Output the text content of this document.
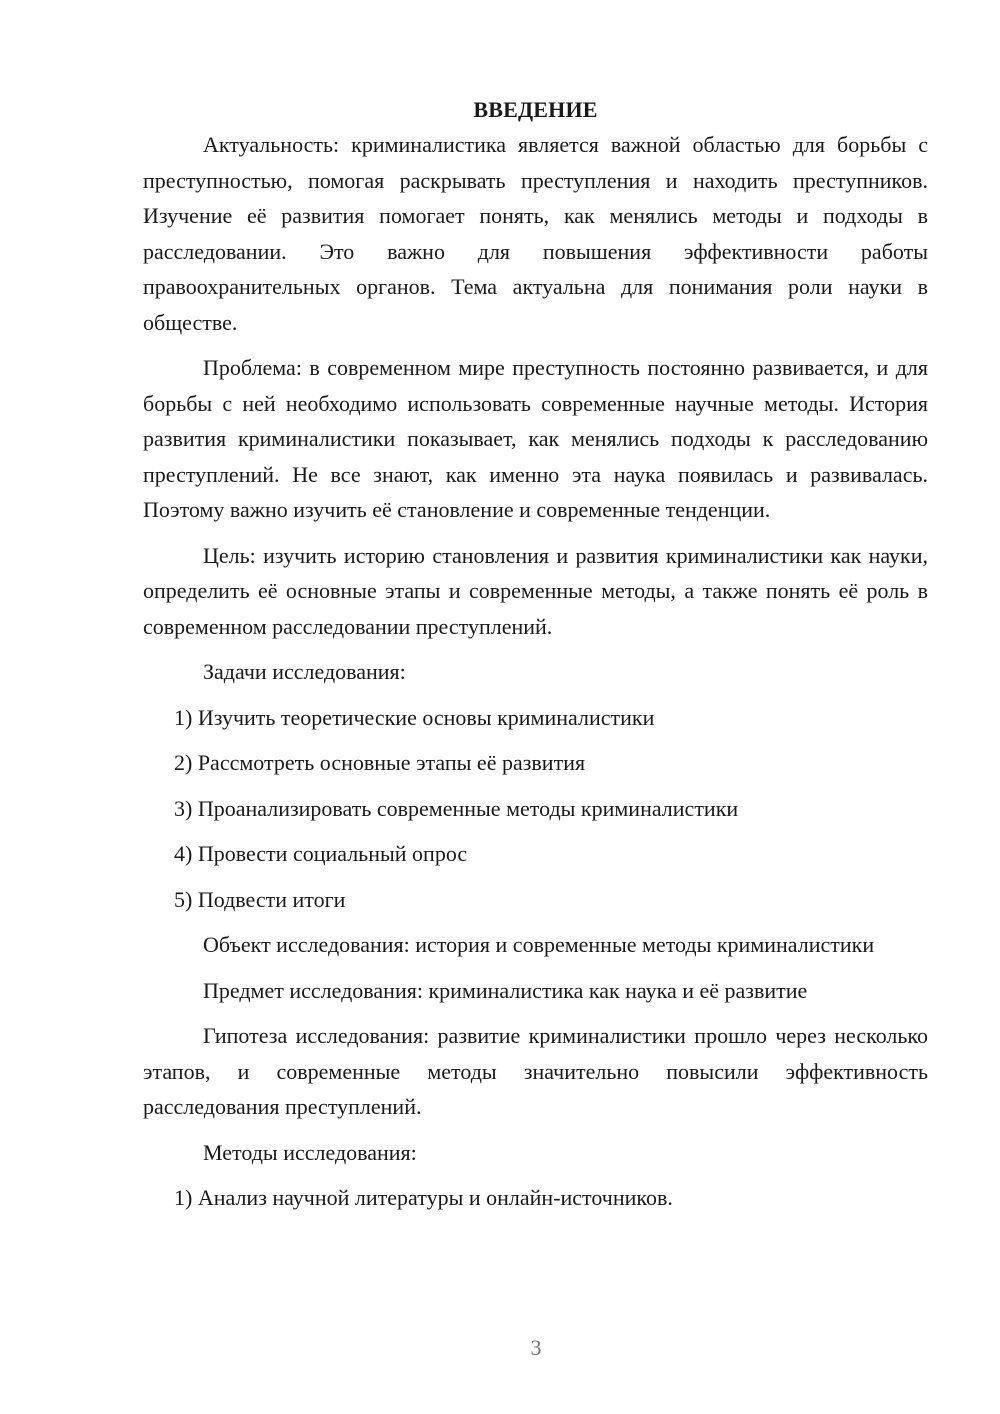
ВВЕДЕНИЕ

Актуальность: криминалистика является важной областью для борьбы с преступностью, помогая раскрывать преступления и находить преступников. Изучение её развития помогает понять, как менялись методы и подходы в расследовании. Это важно для повышения эффективности работы правоохранительных органов. Тема актуальна для понимания роли науки в обществе.

Проблема: в современном мире преступность постоянно развивается, и для борьбы с ней необходимо использовать современные научные методы. История развития криминалистики показывает, как менялись подходы к расследованию преступлений. Не все знают, как именно эта наука появилась и развивалась. Поэтому важно изучить её становление и современные тенденции.

Цель: изучить историю становления и развития криминалистики как науки, определить её основные этапы и современные методы, а также понять её роль в современном расследовании преступлений.

Задачи исследования:

1) Изучить теоретические основы криминалистики

2) Рассмотреть основные этапы её развития

3) Проанализировать современные методы криминалистики

4) Провести социальный опрос

5) Подвести итоги

Объект исследования: история и современные методы криминалистики

Предмет исследования: криминалистика как наука и её развитие

Гипотеза исследования: развитие криминалистики прошло через несколько этапов, и современные методы значительно повысили эффективность расследования преступлений.

Методы исследования:

1) Анализ научной литературы и онлайн-источников.

3
